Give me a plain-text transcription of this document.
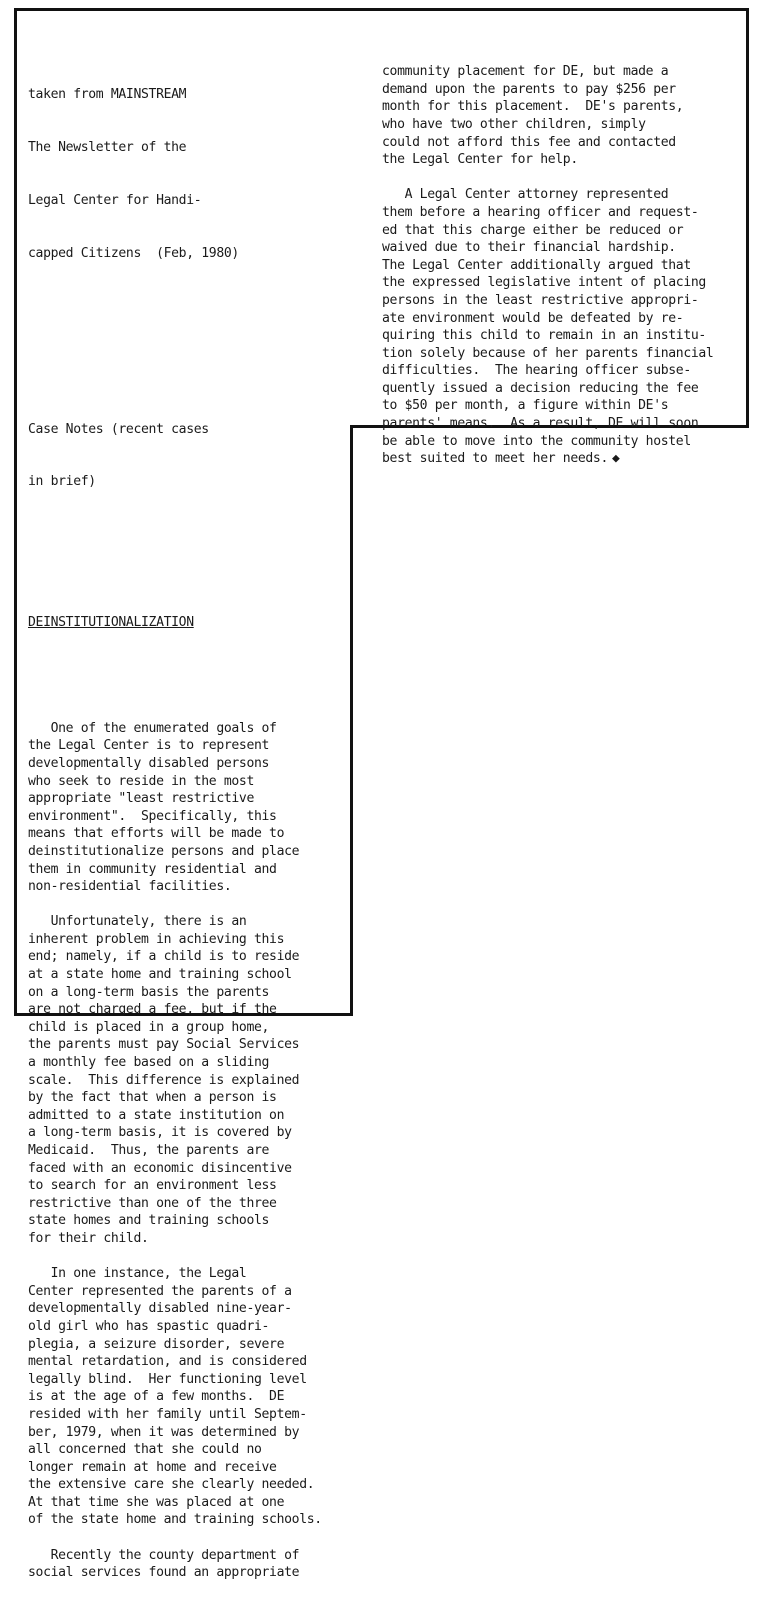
taken from MAINSTREAM

The Newsletter of the

Legal Center for Handi-

capped Citizens  (Feb, 1980)

Case Notes (recent cases

in brief)

DEINSTITUTIONALIZATION

One of the enumerated goals of
the Legal Center is to represent
developmentally disabled persons
who seek to reside in the most
appropriate "least restrictive
environment".  Specifically, this
means that efforts will be made to
deinstitutionalize persons and place
them in community residential and
non-residential facilities.
Unfortunately, there is an
inherent problem in achieving this
end; namely, if a child is to reside
at a state home and training school
on a long-term basis the parents
are not charged a fee, but if the
child is placed in a group home,
the parents must pay Social Services
a monthly fee based on a sliding
scale.  This difference is explained
by the fact that when a person is
admitted to a state institution on
a long-term basis, it is covered by
Medicaid.  Thus, the parents are
faced with an economic disincentive
to search for an environment less
restrictive than one of the three
state homes and training schools
for their child.
In one instance, the Legal
Center represented the parents of a
developmentally disabled nine-year-
old girl who has spastic quadri-
plegia, a seizure disorder, severe
mental retardation, and is considered
legally blind.  Her functioning level
is at the age of a few months.  DE
resided with her family until Septem-
ber, 1979, when it was determined by
all concerned that she could no
longer remain at home and receive
the extensive care she clearly needed.
At that time she was placed at one
of the state home and training schools.
Recently the county department of
social services found an appropriate

community placement for DE, but made a
demand upon the parents to pay $256 per
month for this placement.  DE's parents,
who have two other children, simply
could not afford this fee and contacted
the Legal Center for help.
A Legal Center attorney represented
them before a hearing officer and request-
ed that this charge either be reduced or
waived due to their financial hardship.
The Legal Center additionally argued that
the expressed legislative intent of placing
persons in the least restrictive appropri-
ate environment would be defeated by re-
quiring this child to remain in an institu-
tion solely because of her parents financial
difficulties.  The hearing officer subse-
quently issued a decision reducing the fee
to $50 per month, a figure within DE's
parents' means.  As a result, DE will soon
be able to move into the community hostel
best suited to meet her needs. ◆
